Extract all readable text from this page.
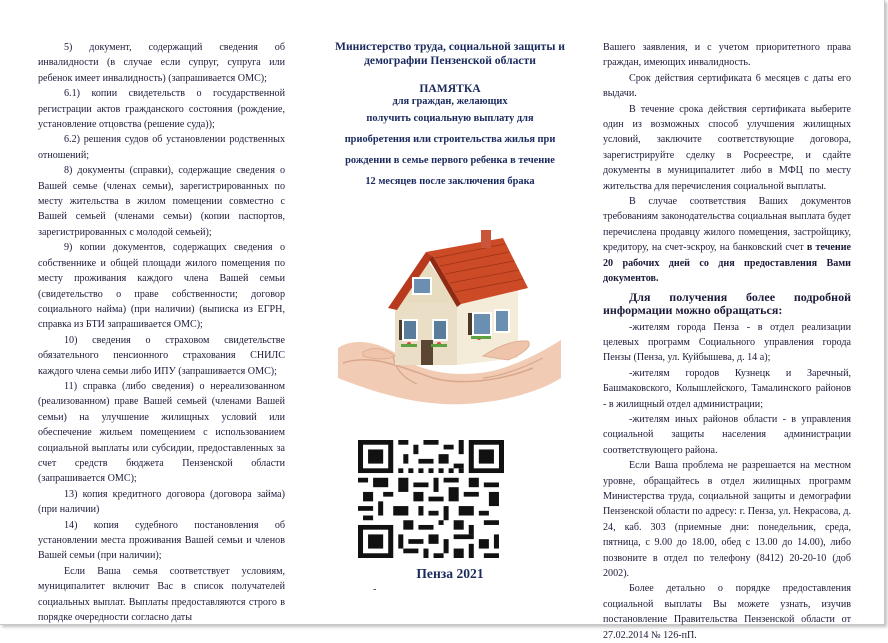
5) документ, содержащий сведения об инвалидности (в случае если супруг, супруга или ребенок имеет инвалидность) (запрашивается ОМС);

6.1) копии свидетельств о государственной регистрации актов гражданского состояния (рождение, установление отцовства (решение суда));

6.2) решения судов об установлении родственных отношений;

8) документы (справки), содержащие сведения о Вашей семье (членах семьи), зарегистрированных по месту жительства в жилом помещении совместно с Вашей семьей (членами семьи) (копии паспортов, зарегистрированных с молодой семьей);

9) копии документов, содержащих сведения о собственнике и общей площади жилого помещения по месту проживания каждого члена Вашей семьи (свидетельство о праве собственности; договор социального найма) (при наличии) (выписка из ЕГРН, справка из БТИ запрашивается ОМС);

10) сведения о страховом свидетельстве обязательного пенсионного страхования СНИЛС каждого члена семьи либо ИПУ (запрашивается ОМС);

11) справка (либо сведения) о нереализованном (реализованном) праве Вашей семьей (членами Вашей семьи) на улучшение жилищных условий или обеспечение жильем помещением с использованием социальной выплаты или субсидии, предоставленных за счет средств бюджета Пензенской области (запрашивается ОМС);

13) копия кредитного договора (договора займа) (при наличии)

14) копия судебного постановления об установлении места проживания Вашей семьи и членов Вашей семьи (при наличии);

Если Ваша семья соответствует условиям, муниципалитет включит Вас в список получателей социальных выплат. Выплаты предоставляются строго в порядке очередности согласно даты

Министерство труда, социальной защиты и демографии Пензенской области
ПАМЯТКА
для граждан, желающих
получить социальную выплату для
приобретения или строительства жилья при
рождении в семье первого ребенка в течение
12 месяцев после заключения брака
Пенза 2021
-

Вашего заявления, и с учетом приоритетного права граждан, имеющих инвалидность.

Срок действия сертификата 6 месяцев с даты его выдачи.

В течение срока действия сертификата выберите один из возможных способ улучшения жилищных условий, заключите соответствующие договора, зарегистрируйте сделку в Росреестре, и сдайте документы в муниципалитет либо в МФЦ по месту жительства для перечисления социальной выплаты.

В случае соответствия Ваших документов требованиям законодательства социальная выплата будет перечислена продавцу жилого помещения, застройщику, кредитору, на счет-эскроу, на банковский счет в течение 20 рабочих дней со дня предоставления Вами документов.

Для получения более подробной информации можно обращаться:

-жителям города Пенза - в отдел реализации целевых программ Социального управления города Пензы (Пенза, ул. Куйбышева, д. 14 а);

-жителям городов Кузнецк и Заречный, Башмаковского, Колышлейского, Тамалинского районов - в жилищный отдел администрации;

-жителям иных районов области - в управления социальной защиты населения администрации соответствующего района.

Если Ваша проблема не разрешается на местном уровне, обращайтесь в отдел жилищных программ Министерства труда, социальной защиты и демографии Пензенской области по адресу: г. Пенза, ул. Некрасова, д. 24, каб. 303 (приемные дни: понедельник, среда, пятница, с 9.00 до 18.00, обед с 13.00 до 14.00), либо позвоните в отдел по телефону (8412) 20-20-10 (доб 2002).

Более детально о порядке предоставления социальной выплаты Вы можете узнать, изучив постановление Правительства Пензенской области от 27.02.2014 № 126-пП.
